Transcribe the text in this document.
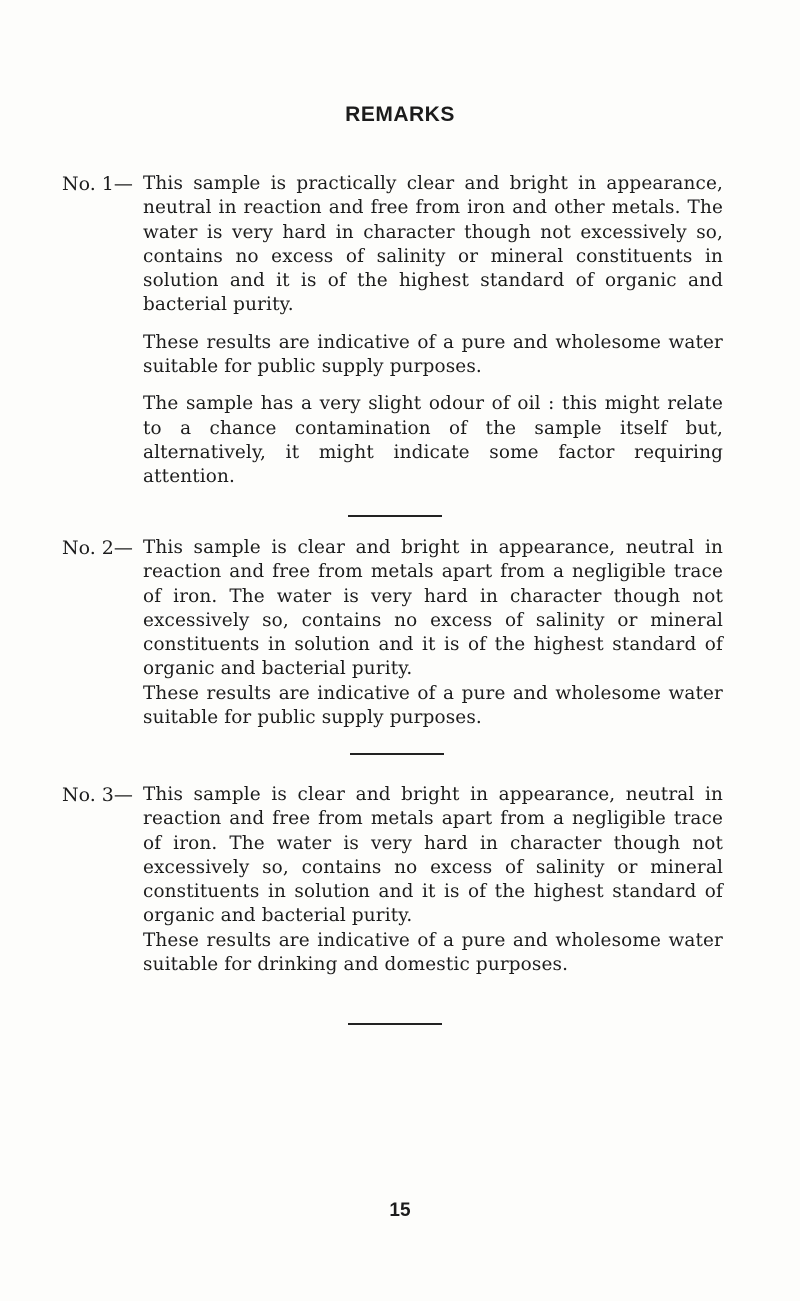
REMARKS
No. 1— This sample is practically clear and bright in appearance, neutral in reaction and free from iron and other metals. The water is very hard in character though not excessively so, contains no excess of salinity or mineral constituents in solution and it is of the highest standard of organic and bacterial purity.

These results are indicative of a pure and wholesome water suitable for public supply purposes.

The sample has a very slight odour of oil : this might relate to a chance contamination of the sample itself but, alternatively, it might indicate some factor requiring attention.

No. 2— This sample is clear and bright in appearance, neutral in reaction and free from metals apart from a negligible trace of iron. The water is very hard in character though not excessively so, contains no excess of salinity or mineral constituents in solution and it is of the highest standard of organic and bacterial purity.

These results are indicative of a pure and wholesome water suitable for public supply purposes.

No. 3— This sample is clear and bright in appearance, neutral in reaction and free from metals apart from a negligible trace of iron. The water is very hard in character though not excessively so, contains no excess of salinity or mineral constituents in solution and it is of the highest standard of organic and bacterial purity.

These results are indicative of a pure and wholesome water suitable for drinking and domestic purposes.

15
